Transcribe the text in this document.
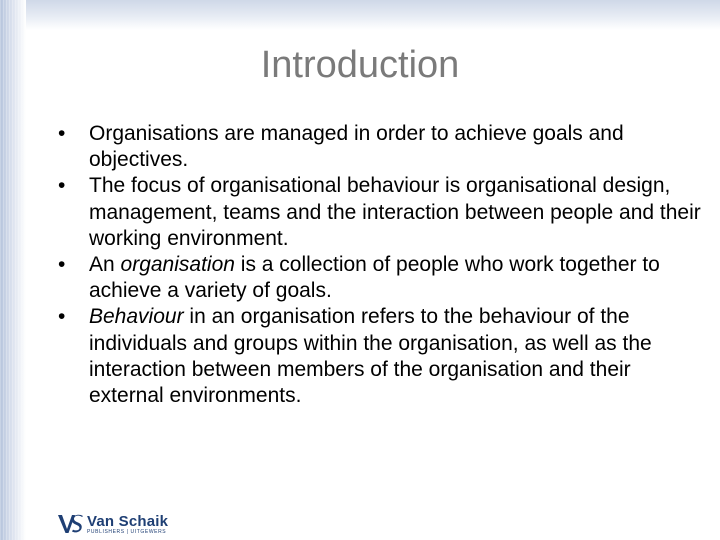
Introduction
• Organisations are managed in order to achieve goals and objectives.
• The focus of organisational behaviour is organisational design, management, teams and the interaction between people and their working environment.
• An organisation is a collection of people who work together to achieve a variety of goals.
• Behaviour in an organisation refers to the behaviour of the individuals and groups within the organisation, as well as the interaction between members of the organisation and their external environments.
Van Schaik
PUBLISHERS | UITGEWERS
